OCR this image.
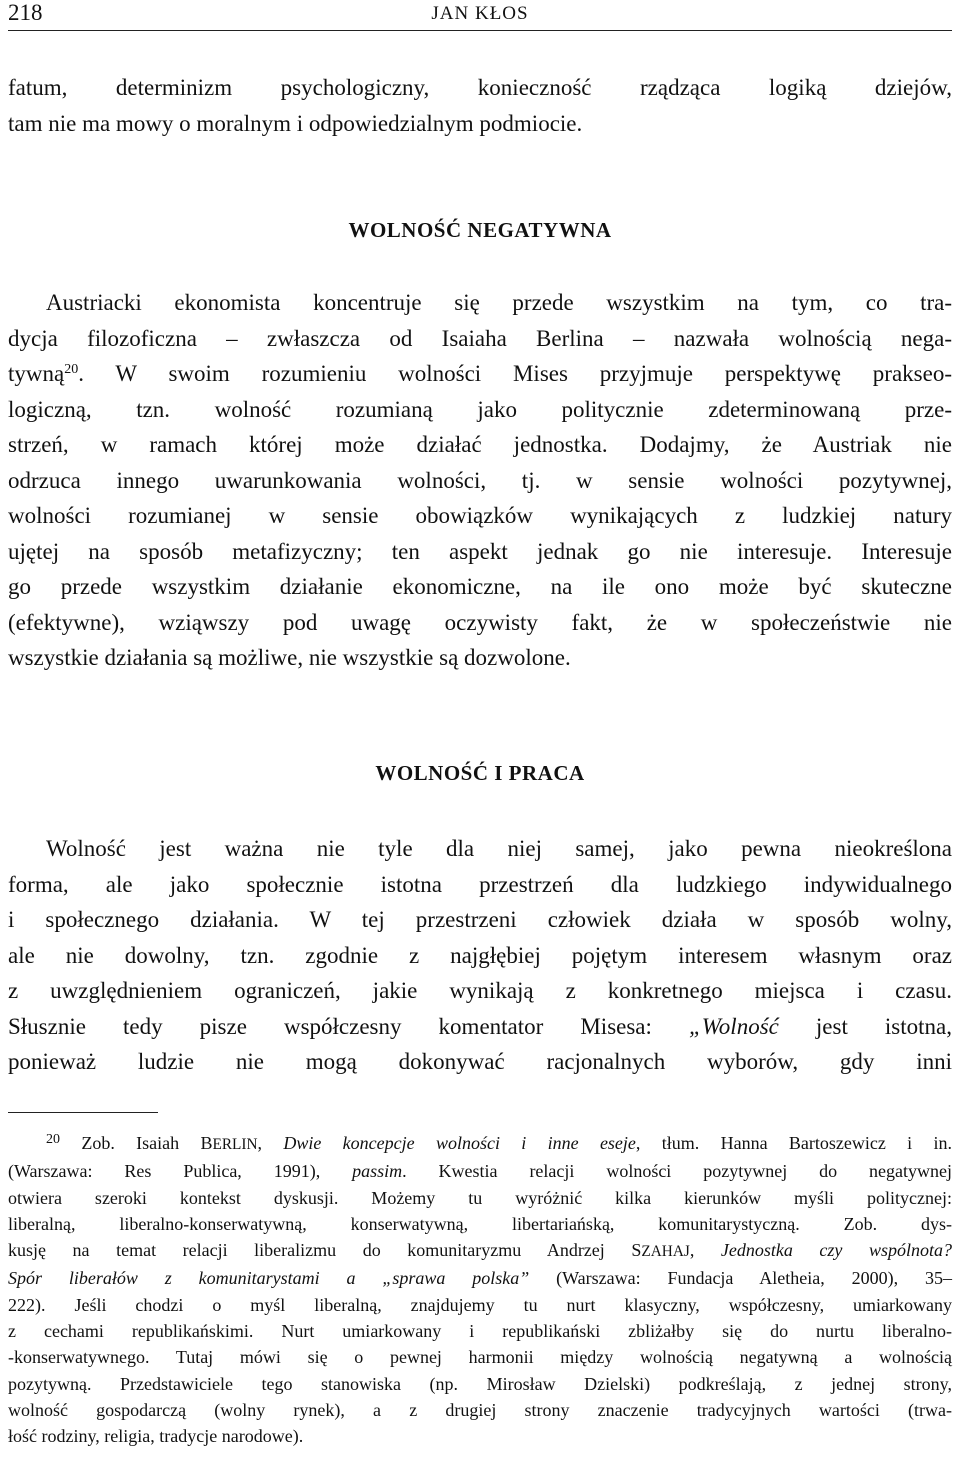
218	JAN KŁOS

fatum, determinizm psychologiczny, konieczność rządząca logiką dziejów,
tam nie ma mowy o moralnym i odpowiedzialnym podmiocie.

WOLNOŚĆ NEGATYWNA

Austriacki ekonomista koncentruje się przede wszystkim na tym, co tra-
dycja filozoficzna – zwłaszcza od Isaiaha Berlina – nazwała wolnością nega-
tywną$^{20}$. W swoim rozumieniu wolności Mises przyjmuje perspektywę prakseo-
logiczną, tzn. wolność rozumianą jako politycznie zdeterminowaną prze-
strzeń, w ramach której może działać jednostka. Dodajmy, że Austriak nie
odrzuca innego uwarunkowania wolności, tj. w sensie wolności pozytywnej,
wolności rozumianej w sensie obowiązków wynikających z ludzkiej natury
ujętej na sposób metafizyczny; ten aspekt jednak go nie interesuje. Interesuje
go przede wszystkim działanie ekonomiczne, na ile ono może być skuteczne
(efektywne), wziąwszy pod uwagę oczywisty fakt, że w społeczeństwie nie
wszystkie działania są możliwe, nie wszystkie są dozwolone.

WOLNOŚĆ I PRACA

Wolność jest ważna nie tyle dla niej samej, jako pewna nieokreślona
forma, ale jako społecznie istotna przestrzeń dla ludzkiego indywidualnego
i społecznego działania. W tej przestrzeni człowiek działa w sposób wolny,
ale nie dowolny, tzn. zgodnie z najgłębiej pojętym interesem własnym oraz
z uwzględnieniem ograniczeń, jakie wynikają z konkretnego miejsca i czasu.
Słusznie tedy pisze współczesny komentator Misesa: „Wolność jest istotna,
ponieważ ludzie nie mogą dokonywać racjonalnych wyborów, gdy inni

$^{20}$ Zob. Isaiah BERLIN, Dwie koncepcje wolności i inne eseje, tłum. Hanna Bartoszewicz i in.
(Warszawa: Res Publica, 1991), passim. Kwestia relacji wolności pozytywnej do negatywnej
otwiera szeroki kontekst dyskusji. Możemy tu wyróżnić kilka kierunków myśli politycznej:
liberalną, liberalno-konserwatywną, konserwatywną, libertariańską, komunitarystyczną. Zob. dys-
kusję na temat relacji liberalizmu do komunitaryzmu Andrzej SZAHAJ, Jednostka czy wspólnota?
Spór liberałów z komunitarystami a „sprawa polska” (Warszawa: Fundacja Aletheia, 2000), 35–
222). Jeśli chodzi o myśl liberalną, znajdujemy tu nurt klasyczny, współczesny, umiarkowany
z cechami republikańskimi. Nurt umiarkowany i republikański zbliżałby się do nurtu liberalno-
-konserwatywnego. Tutaj mówi się o pewnej harmonii między wolnością negatywną a wolnością
pozytywną. Przedstawiciele tego stanowiska (np. Mirosław Dzielski) podkreślają, z jednej strony,
wolność gospodarczą (wolny rynek), a z drugiej strony znaczenie tradycyjnych wartości (trwa-
łość rodziny, religia, tradycje narodowe).
